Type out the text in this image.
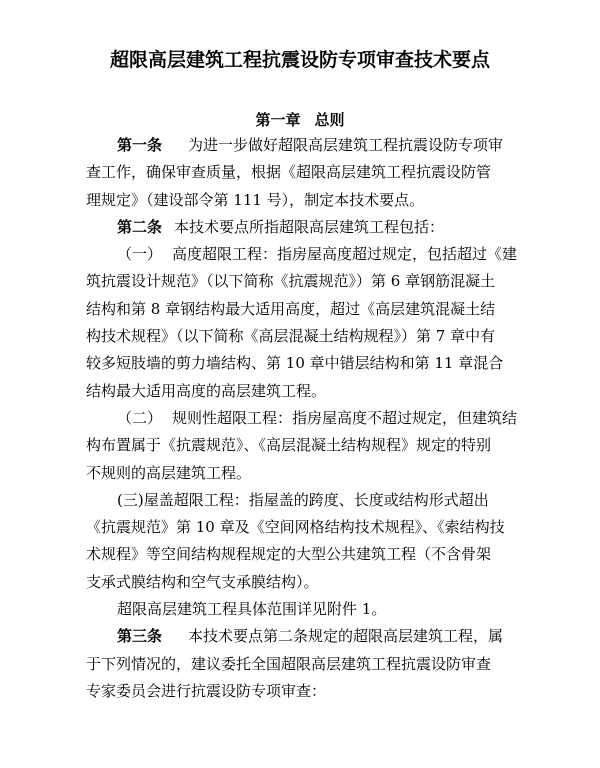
超限高层建筑工程抗震设防专项审查技术要点
第一章 总则

第一条 为进一步做好超限高层建筑工程抗震设防专项审

查工作，确保审查质量，根据《超限高层建筑工程抗震设防管
理规定》（建设部令第 111 号），制定本技术要点。

第二条 本技术要点所指超限高层建筑工程包括：

（一） 高度超限工程：指房屋高度超过规定，包括超过《建

筑抗震设计规范》（以下简称《抗震规范》）第 6 章钢筋混凝土
结构和第 8 章钢结构最大适用高度，超过《高层建筑混凝土结
构技术规程》（以下简称《高层混凝土结构规程》）第 7 章中有
较多短肢墙的剪力墙结构、第 10 章中错层结构和第 11 章混合
结构最大适用高度的高层建筑工程。

（二） 规则性超限工程：指房屋高度不超过规定，但建筑结

构布置属于《抗震规范》、《高层混凝土结构规程》规定的特别
不规则的高层建筑工程。

(三)屋盖超限工程：指屋盖的跨度、长度或结构形式超出

《抗震规范》第 10 章及《空间网格结构技术规程》、《索结构技
术规程》等空间结构规程规定的大型公共建筑工程（不含骨架
支承式膜结构和空气支承膜结构）。

超限高层建筑工程具体范围详见附件 1。

第三条 本技术要点第二条规定的超限高层建筑工程，属

于下列情况的，建议委托全国超限高层建筑工程抗震设防审查
专家委员会进行抗震设防专项审查：
